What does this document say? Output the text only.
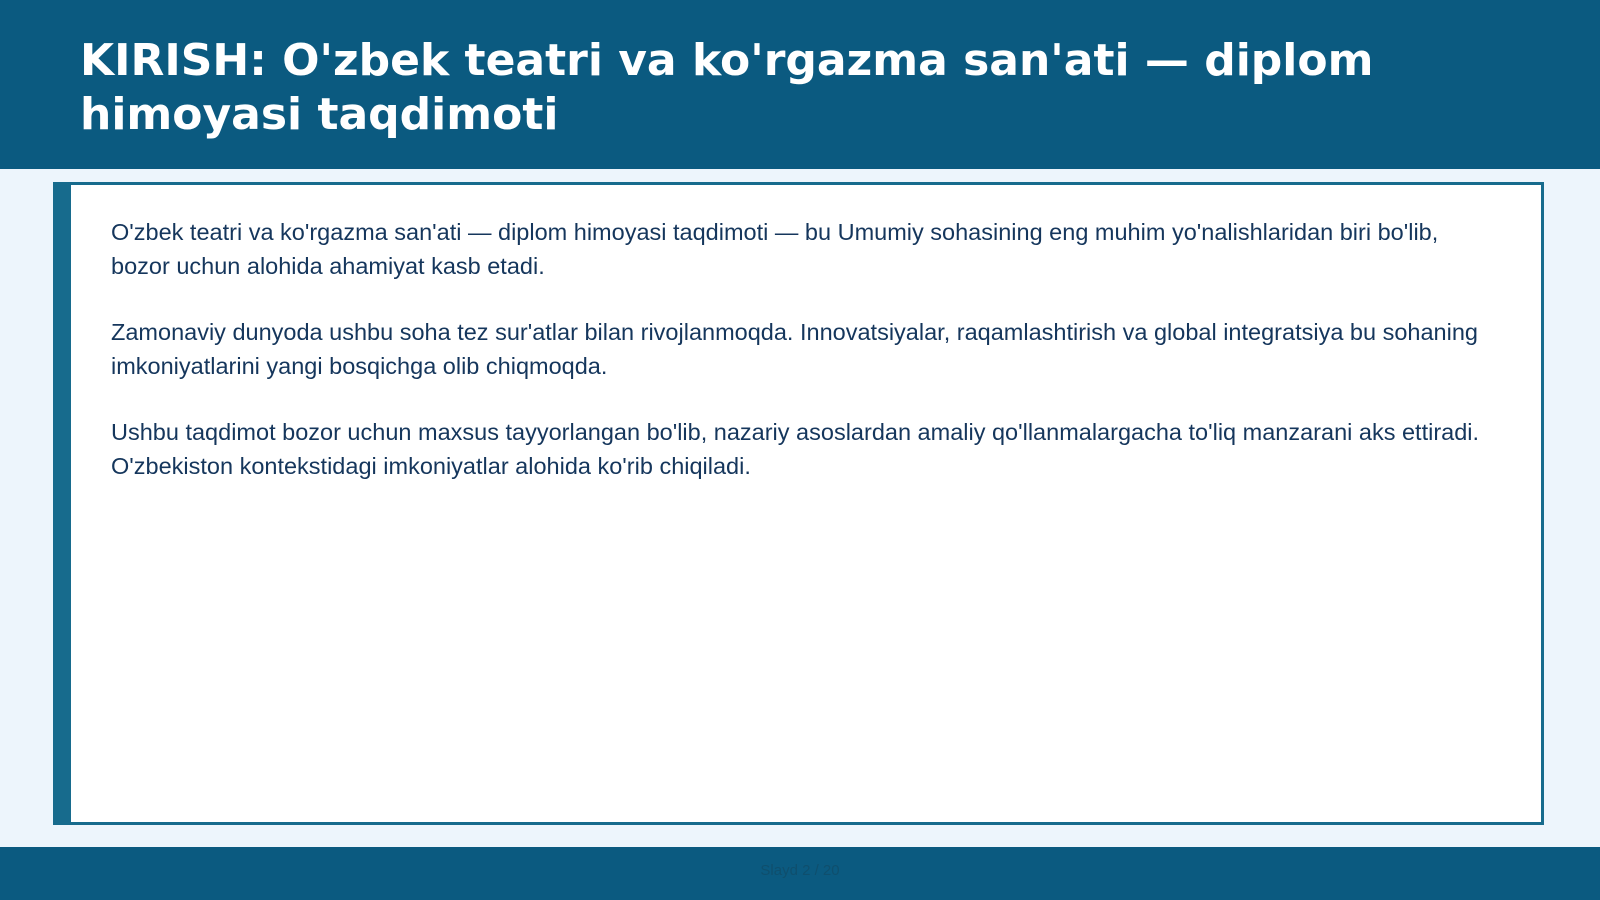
KIRISH: O'zbek teatri va ko'rgazma san'ati — diplom himoyasi taqdimoti

O'zbek teatri va ko'rgazma san'ati — diplom himoyasi taqdimoti — bu Umumiy sohasining eng muhim yo'nalishlaridan biri bo'lib, bozor uchun alohida ahamiyat kasb etadi.

Zamonaviy dunyoda ushbu soha tez sur'atlar bilan rivojlanmoqda. Innovatsiyalar, raqamlashtirish va global integratsiya bu sohaning imkoniyatlarini yangi bosqichga olib chiqmoqda.

Ushbu taqdimot bozor uchun maxsus tayyorlangan bo'lib, nazariy asoslardan amaliy qo'llanmalargacha to'liq manzarani aks ettiradi. O'zbekiston kontekstidagi imkoniyatlar alohida ko'rib chiqiladi.

Slayd 2 / 20
